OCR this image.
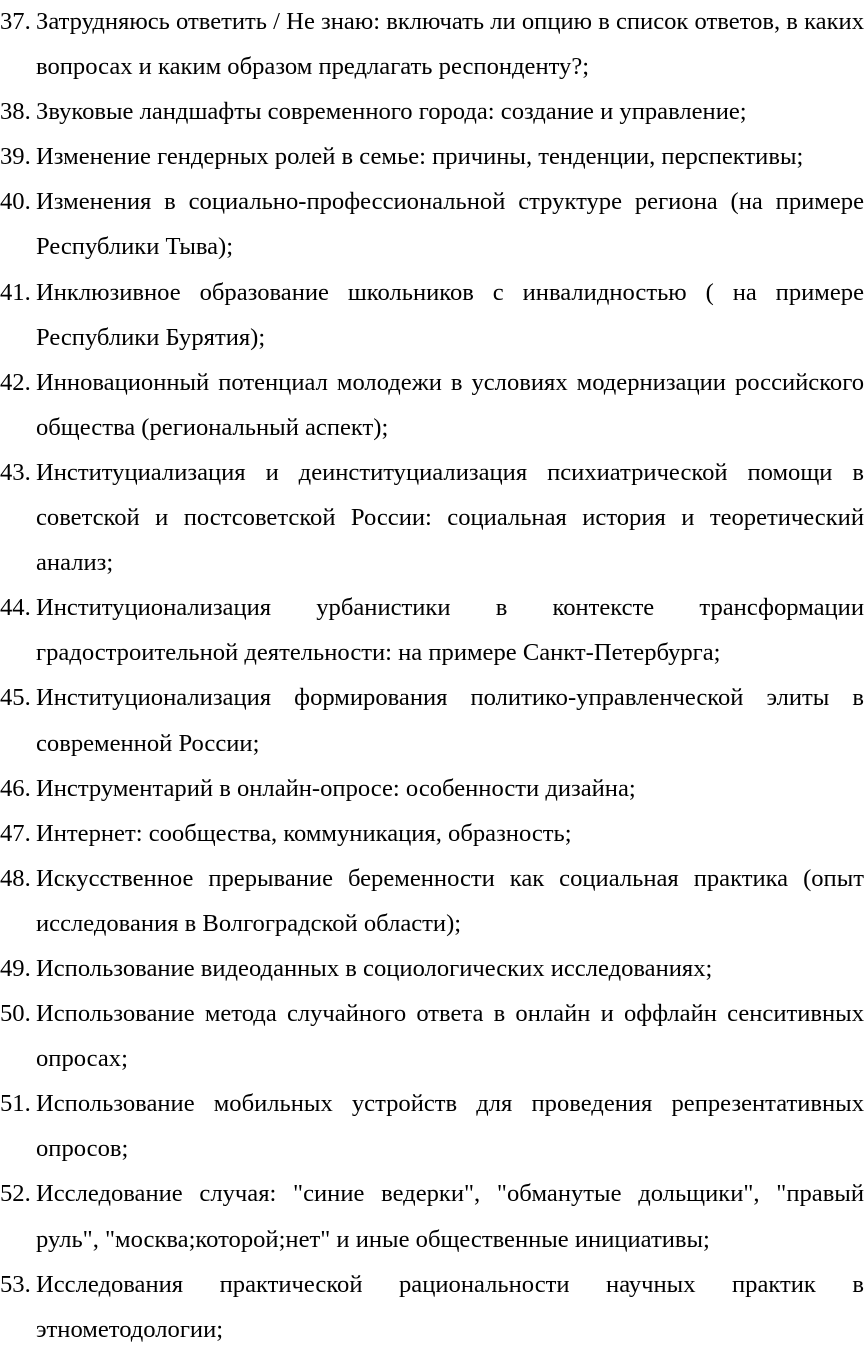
37. Затрудняюсь ответить / Не знаю: включать ли опцию в список ответов, в каких вопросах и каким образом предлагать респонденту?;
38. Звуковые ландшафты современного города: создание и управление;
39. Изменение гендерных ролей в семье: причины, тенденции, перспективы;
40. Изменения в социально-профессиональной структуре региона (на примере Республики Тыва);
41. Инклюзивное образование школьников с инвалидностью ( на примере Республики Бурятия);
42. Инновационный потенциал молодежи в условиях модернизации российского общества (региональный аспект);
43. Институциализация и деинституциализация психиатрической помощи в советской и постсоветской России: социальная история и теоретический анализ;
44. Институционализация урбанистики в контексте трансформации градостроительной деятельности: на примере Санкт-Петербурга;
45. Институционализация формирования политико-управленческой элиты в современной России;
46. Инструментарий в онлайн-опросе: особенности дизайна;
47. Интернет: сообщества, коммуникация, образность;
48. Искусственное прерывание беременности как социальная практика (опыт исследования в Волгоградской области);
49. Использование видеоданных в социологических исследованиях;
50. Использование метода случайного ответа в онлайн и оффлайн сенситивных опросах;
51. Использование мобильных устройств для проведения репрезентативных опросов;
52. Исследование случая: "синие ведерки", "обманутые дольщики", "правый руль", "москва;которой;нет" и иные общественные инициативы;
53. Исследования практической рациональности научных практик в этнометодологии;
